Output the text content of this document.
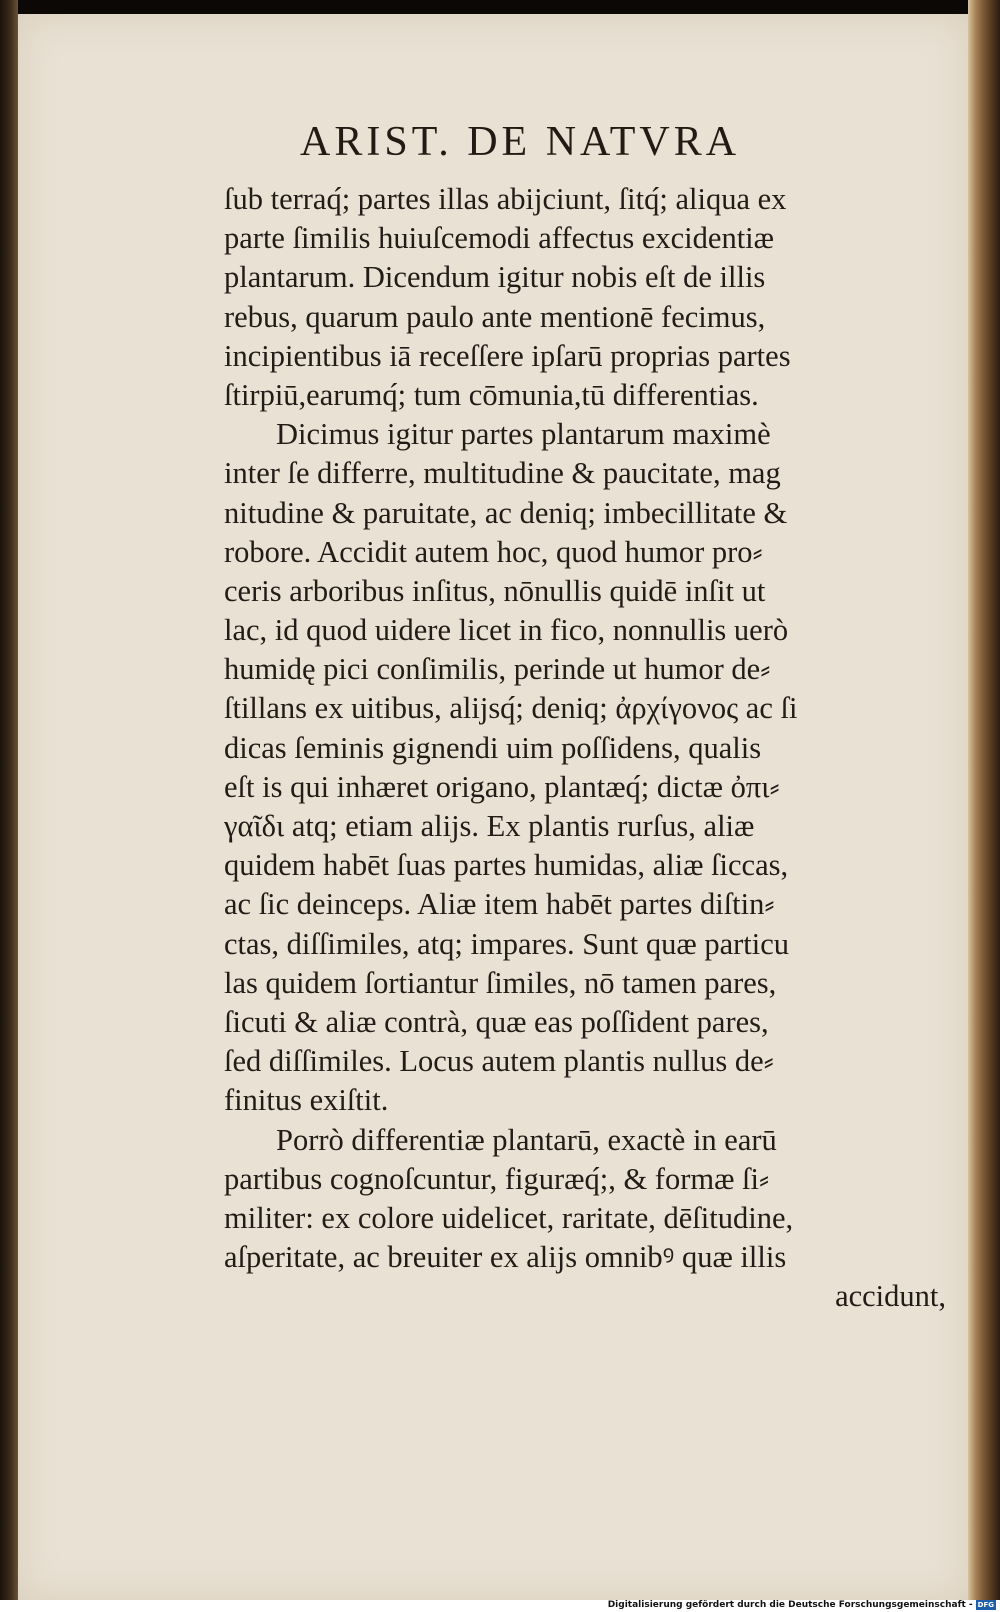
ARIST. DE NATVRA
ſub terraq́; partes illas abijciunt, ſitq́; aliqua ex
parte ſimilis huiuſcemodi affectus excidentiæ
plantarum. Dicendum igitur nobis eſt de illis
rebus, quarum paulo ante mentionē fecimus,
incipientibus iā receſſere ipſarū proprias partes
ſtirpiū,earumq́; tum cōmunia,tū differentias.
Dicimus igitur partes plantarum maximè
inter ſe differre, multitudine & paucitate, mag
nitudine & paruitate, ac deniq; imbecillitate &
robore. Accidit autem hoc, quod humor pro⸗
ceris arboribus inſitus, nōnullis quidē inſit ut
lac, id quod uidere licet in fico, nonnullis uerò
humidę pici conſimilis, perinde ut humor de⸗
ſtillans ex uitibus, alijsq́; deniq; ἀρχίγονος ac ſi
dicas ſeminis gignendi uim poſſidens, qualis
eſt is qui inhæret origano, plantæq́; dictæ ὀπι⸗
γαῖδι atq; etiam alijs. Ex plantis rurſus, aliæ
quidem habēt ſuas partes humidas, aliæ ſiccas,
ac ſic deinceps. Aliæ item habēt partes diſtin⸗
ctas, diſſimiles, atq; impares. Sunt quæ particu
las quidem ſortiantur ſimiles, nō tamen pares,
ſicuti & aliæ contrà, quæ eas poſſident pares,
ſed diſſimiles. Locus autem plantis nullus de⸗
finitus exiſtit.
Porrò differentiæ plantarū, exactè in earū
partibus cognoſcuntur, figuræq́;, & formæ ſi⸗
militer: ex colore uidelicet, raritate, dēſitudine,
aſperitate, ac breuiter ex alijs omnibꝰ quæ illis
accidunt,
Digitalisierung gefördert durch die Deutsche Forschungsgemeinschaft - DFG
